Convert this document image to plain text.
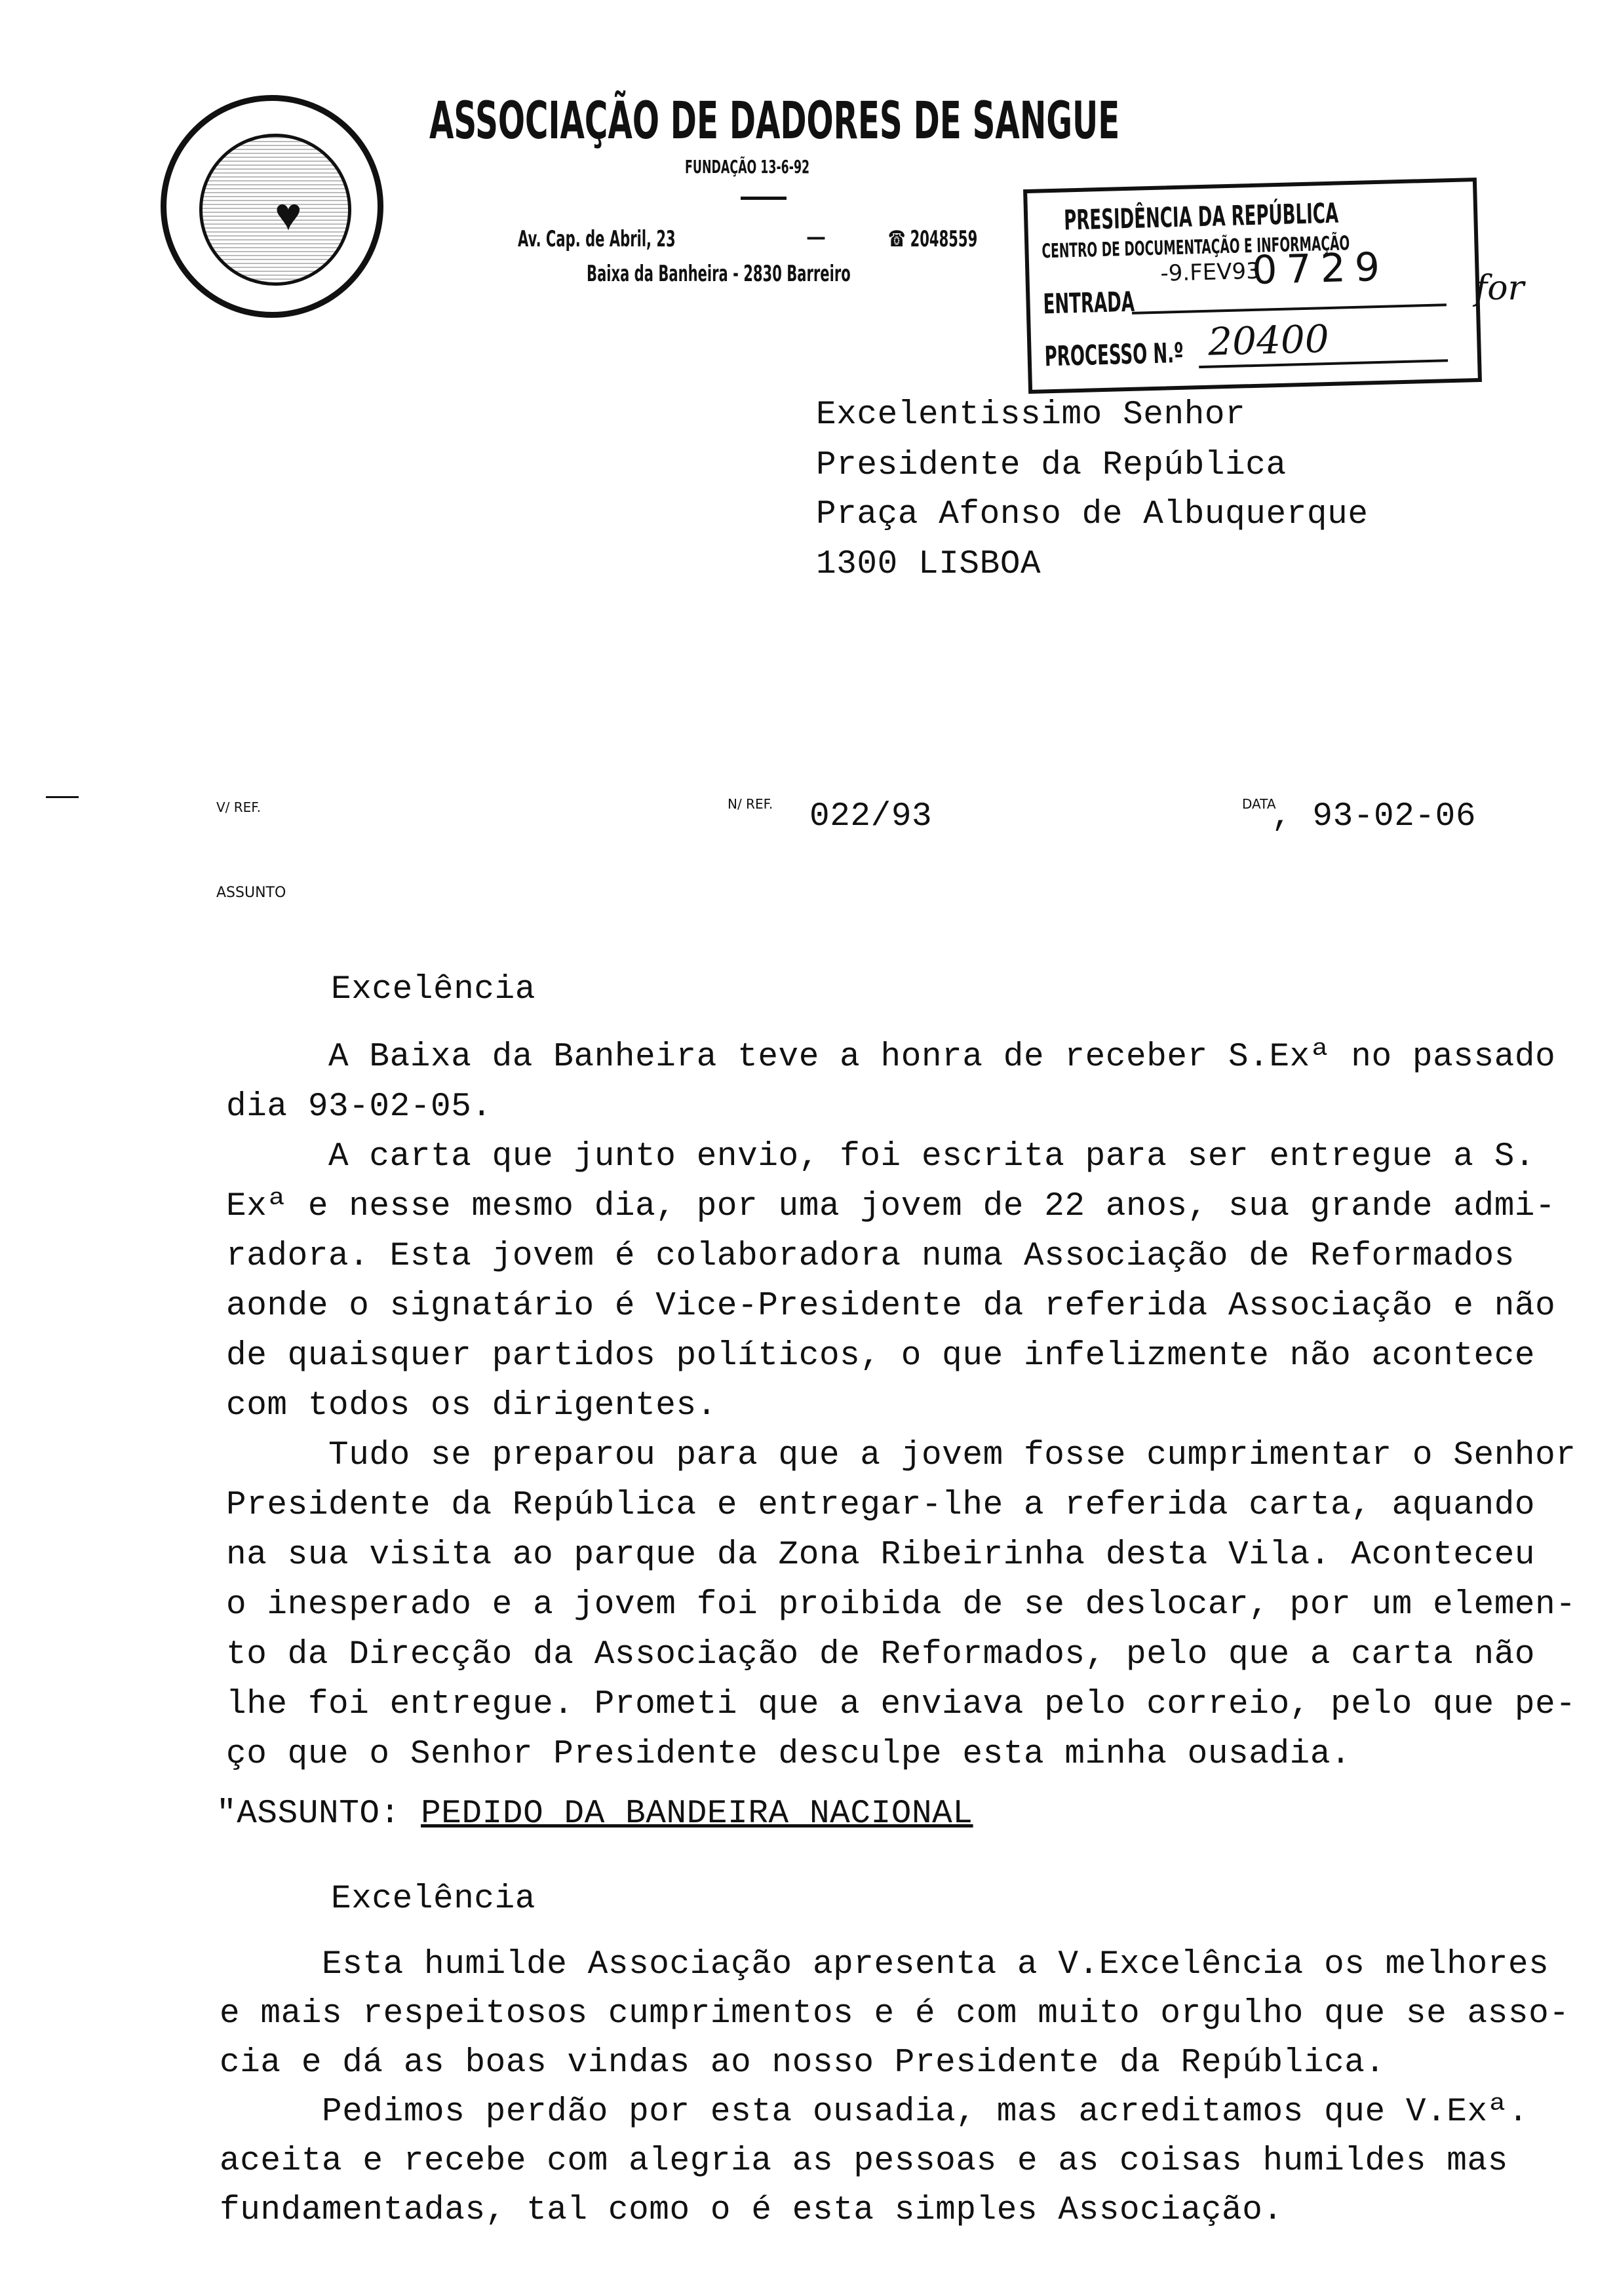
♥
ASSOCIAÇÃO DE DADORES DE SANGUE
FUNDAÇÃO 13-6-92
Av. Cap. de Abril, 23	—	☎ 2048559
Baixa da Banheira - 2830 Barreiro
PRESIDÊNCIA DA REPÚBLICA
CENTRO DE DOCUMENTAÇÃO E INFORMAÇÃO
-9.FEV93
0729
ENTRADA
PROCESSO N.º 20400
for
Excelentissimo Senhor
Presidente da República
Praça Afonso de Albuquerque
1300 LISBOA
V/ REF.	N/ REF. 022/93	DATA
, 93-02-06
ASSUNTO
Excelência
A Baixa da Banheira teve a honra de receber S.Exª no passado
dia 93-02-05.
A carta que junto envio, foi escrita para ser entregue a S.
Exª e nesse mesmo dia, por uma jovem de 22 anos, sua grande admi-
radora. Esta jovem é colaboradora numa Associação de Reformados
aonde o signatário é Vice-Presidente da referida Associação e não
de quaisquer partidos políticos, o que infelizmente não acontece
com todos os dirigentes.
Tudo se preparou para que a jovem fosse cumprimentar o Senhor
Presidente da República e entregar-lhe a referida carta, aquando
na sua visita ao parque da Zona Ribeirinha desta Vila. Aconteceu
o inesperado e a jovem foi proibida de se deslocar, por um elemen-
to da Direcção da Associação de Reformados, pelo que a carta não
lhe foi entregue. Prometi que a enviava pelo correio, pelo que pe-
ço que o Senhor Presidente desculpe esta minha ousadia.
"ASSUNTO: PEDIDO DA BANDEIRA NACIONAL
Excelência
Esta humilde Associação apresenta a V.Excelência os melhores
e mais respeitosos cumprimentos e é com muito orgulho que se asso-
cia e dá as boas vindas ao nosso Presidente da República.
Pedimos perdão por esta ousadia, mas acreditamos que V.Exª.
aceita e recebe com alegria as pessoas e as coisas humildes mas
fundamentadas, tal como o é esta simples Associação.
